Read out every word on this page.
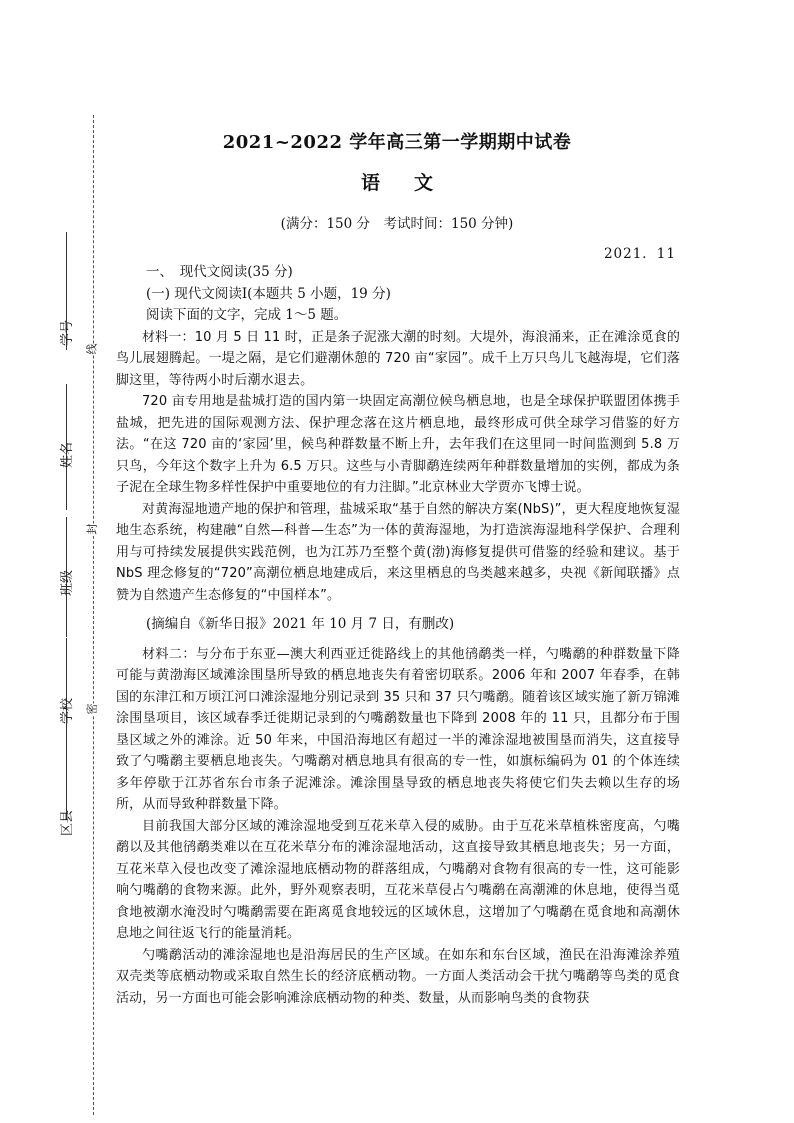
学号
姓名
班级
学校
区县
线
封
密
2021~2022 学年高三第一学期期中试卷
语文
(满分：150 分　考试时间：150 分钟)
2021．11

一、　现代文阅读(35 分)

(一) 现代文阅读Ⅰ(本题共 5 小题，19 分)

阅读下面的文字，完成 1～5 题。

材料一：10 月 5 日 11 时，正是条子泥涨大潮的时刻。大堤外，海浪涌来，正在滩涂觅食的鸟儿展翅腾起。一堤之隔，是它们避潮休憩的 720 亩“家园”。成千上万只鸟儿飞越海堤，它们落脚这里，等待两小时后潮水退去。

720 亩专用地是盐城打造的国内第一块固定高潮位候鸟栖息地，也是全球保护联盟团体携手盐城，把先进的国际观测方法、保护理念落在这片栖息地，最终形成可供全球学习借鉴的好方法。“在这 720 亩的‘家园’里，候鸟种群数量不断上升，去年我们在这里同一时间监测到 5.8 万只鸟，今年这个数字上升为 6.5 万只。这些与小青脚鹬连续两年种群数量增加的实例，都成为条子泥在全球生物多样性保护中重要地位的有力注脚。”北京林业大学贾亦飞博士说。

对黄海湿地遗产地的保护和管理，盐城采取“基于自然的解决方案(NbS)”，更大程度地恢复湿地生态系统，构建融“自然—科普—生态”为一体的黄海湿地，为打造滨海湿地科学保护、合理利用与可持续发展提供实践范例，也为江苏乃至整个黄(渤)海修复提供可借鉴的经验和建议。基于 NbS 理念修复的“720”高潮位栖息地建成后，来这里栖息的鸟类越来越多，央视《新闻联播》点赞为自然遗产生态修复的“中国样本”。

(摘编自《新华日报》2021 年 10 月 7 日，有删改)

材料二：与分布于东亚—澳大利西亚迁徙路线上的其他鸻鹬类一样，勺嘴鹬的种群数量下降可能与黄渤海区域滩涂围垦所导致的栖息地丧失有着密切联系。2006 年和 2007 年春季，在韩国的东津江和万顷江河口滩涂湿地分别记录到 35 只和 37 只勺嘴鹬。随着该区域实施了新万锦滩涂围垦项目，该区域春季迁徙期记录到的勺嘴鹬数量也下降到 2008 年的 11 只，且都分布于围垦区域之外的滩涂。近 50 年来，中国沿海地区有超过一半的滩涂湿地被围垦而消失，这直接导致了勺嘴鹬主要栖息地丧失。勺嘴鹬对栖息地具有很高的专一性，如旗标编码为 01 的个体连续多年停歇于江苏省东台市条子泥滩涂。滩涂围垦导致的栖息地丧失将使它们失去赖以生存的场所，从而导致种群数量下降。

目前我国大部分区域的滩涂湿地受到互花米草入侵的威胁。由于互花米草植株密度高，勺嘴鹬以及其他鸻鹬类难以在互花米草分布的滩涂湿地活动，这直接导致其栖息地丧失；另一方面，互花米草入侵也改变了滩涂湿地底栖动物的群落组成，勺嘴鹬对食物有很高的专一性，这可能影响勺嘴鹬的食物来源。此外，野外观察表明，互花米草侵占勺嘴鹬在高潮滩的休息地，使得当觅食地被潮水淹没时勺嘴鹬需要在距离觅食地较远的区域休息，这增加了勺嘴鹬在觅食地和高潮休息地之间往返飞行的能量消耗。

勺嘴鹬活动的滩涂湿地也是沿海居民的生产区域。在如东和东台区域，渔民在沿海滩涂养殖双壳类等底栖动物或采取自然生长的经济底栖动物。一方面人类活动会干扰勺嘴鹬等鸟类的觅食活动，另一方面也可能会影响滩涂底栖动物的种类、数量，从而影响鸟类的食物获
